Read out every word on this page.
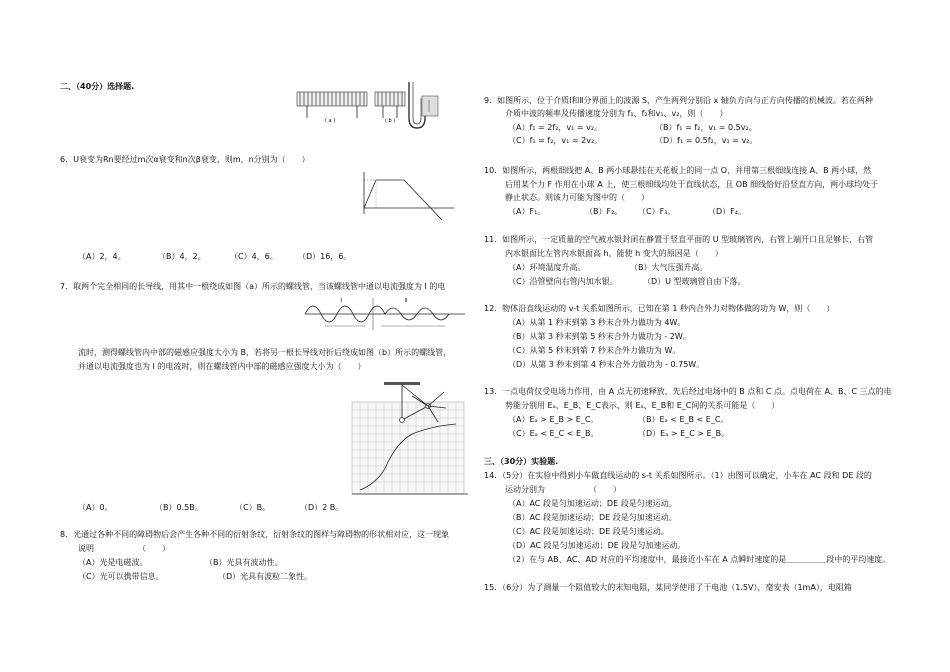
二、（40分）选择题.
( a )	( b )
6．U衰变为Rn要经过m次α衰变和n次β衰变，则m，n分别为（　　）
（A）2，4。	（B）4，2。	（C）4，6。	（D）16，6。
7．取两个完全相同的长导线，用其中一根绕成如图（a）所示的螺线管，当该螺线管中通以电流强度为 I 的电
Ⅰ	Ⅱ
流时，测得螺线管内中部的磁感应强度大小为 B，若将另一根长导线对折后绕成如图（b）所示的螺线管，
并通以电流强度也为 I 的电流时，则在螺线管内中部的磁感应强度大小为（　　）
（A）0。	（B）0.5B。	（C）B。	（D）2 B。
8．光通过各种不同的障碍物后会产生各种不同的衍射条纹，衍射条纹的图样与障碍物的形状相对应，这一现象
说明　　　　　　（　　）
（A）光是电磁波。	（B）光具有波动性。
（C）光可以携带信息。	（D）光具有波粒二象性。
9．如图所示，位于介质Ⅰ和Ⅱ分界面上的波源 S，产生两列分别沿 x 轴负方向与正方向传播的机械波。若在两种
介质中波的频率及传播速度分别为 f₁、f₂和v₁、v₂，则（　　）
（A）f₁ = 2f₂，v₁ = v₂。	（B）f₁ = f₂，v₁ = 0.5v₂。
（C）f₁ = f₂，v₁ = 2v₂。	（D）f₁ = 0.5f₂，v₁ = v₂。
10．如图所示，两根细线把 A、B 两小球悬挂在天花板上的同一点 O，并用第三根细线连接 A、B 两小球，然
后用某个力 F 作用在小球 A 上，使三根细线均处于直线状态，且 OB 细线恰好沿竖直方向，两小球均处于
静止状态。则该力可能为图中的（　　）
（A）F₁。	（B）F₂。 （C）F₃。	（D）F₄。
11．如图所示，一定质量的空气被水银封闭在静置于竖直平面的 U 型玻璃管内，右管上端开口且足够长，右管
内水银面比左管内水银面高 h，能使 h 变大的原因是（　　）
（A）环境温度升高。	（B）大气压强升高。
（C）沿管壁向右管内加水银。	（D）U 型玻璃管自由下落。
12．物体沿直线运动的 v-t 关系如图所示，已知在第 1 秒内合外力对物体做的功为 W，则（　　）
（A）从第 1 秒末到第 3 秒末合外力做功为 4W。
（B）从第 3 秒末到第 5 秒末合外力做功为 - 2W。
（C）从第 5 秒末到第 7 秒末合外力做功为 W。
（D）从第 3 秒末到第 4 秒末合外力做功为 - 0.75W。
13．一点电荷仅受电场力作用，由 A 点无初速释放，先后经过电场中的 B 点和 C 点。点电荷在 A、B、C 三点的电
势能分别用 Eₐ、E_B、E_C表示，则 Eₐ、E_B和 E_C间的关系可能是（　　）
（A）Eₐ > E_B > E_C。	（B）Eₐ < E_B < E_C。
（C）Eₐ < E_C < E_B。	（D）Eₐ > E_C > E_B。
三、（30分）实验题.
14．（5分）在实验中得到小车做直线运动的 s-t 关系如图所示。（1）由图可以确定，小车在 AC 段和 DE 段的
运动分别为　　　　　　（　　）
（A）AC 段是匀加速运动；DE 段是匀速运动。
（B）AC 段是加速运动；DE 段是匀加速运动。
（C）AC 段是加速运动；DE 段是匀速运动。
（D）AC 段是匀加速运动；DE 段是匀加速运动。
（2）在与 AB、AC、AD 对应的平均速度中，最接近小车在 A 点瞬时速度的是＿＿＿＿＿段中的平均速度。
15．（6分）为了测量一个阻值较大的末知电阻，某同学使用了干电池（1.5V），毫安表（1mA），电阻箱
